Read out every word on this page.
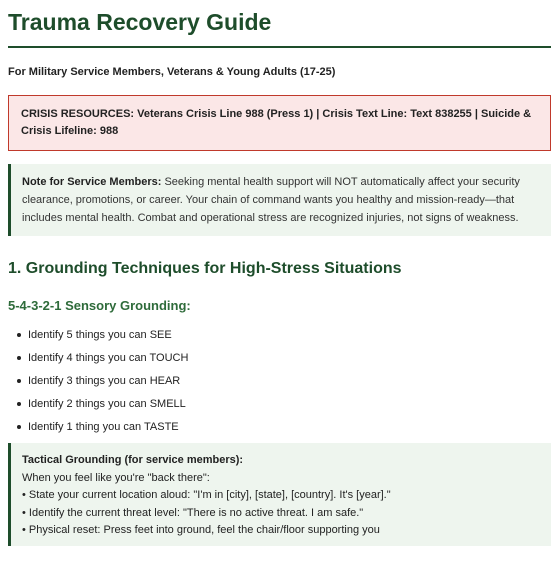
Trauma Recovery Guide
For Military Service Members, Veterans & Young Adults (17-25)
CRISIS RESOURCES: Veterans Crisis Line 988 (Press 1) | Crisis Text Line: Text 838255 | Suicide & Crisis Lifeline: 988
Note for Service Members: Seeking mental health support will NOT automatically affect your security clearance, promotions, or career. Your chain of command wants you healthy and mission-ready—that includes mental health. Combat and operational stress are recognized injuries, not signs of weakness.
1. Grounding Techniques for High-Stress Situations
5-4-3-2-1 Sensory Grounding:
Identify 5 things you can SEE
Identify 4 things you can TOUCH
Identify 3 things you can HEAR
Identify 2 things you can SMELL
Identify 1 thing you can TASTE
Tactical Grounding (for service members):
When you feel like you're "back there":
• State your current location aloud: "I'm in [city], [state], [country]. It's [year]."
• Identify the current threat level: "There is no active threat. I am safe."
• Physical reset: Press feet into ground, feel the chair/floor supporting you
